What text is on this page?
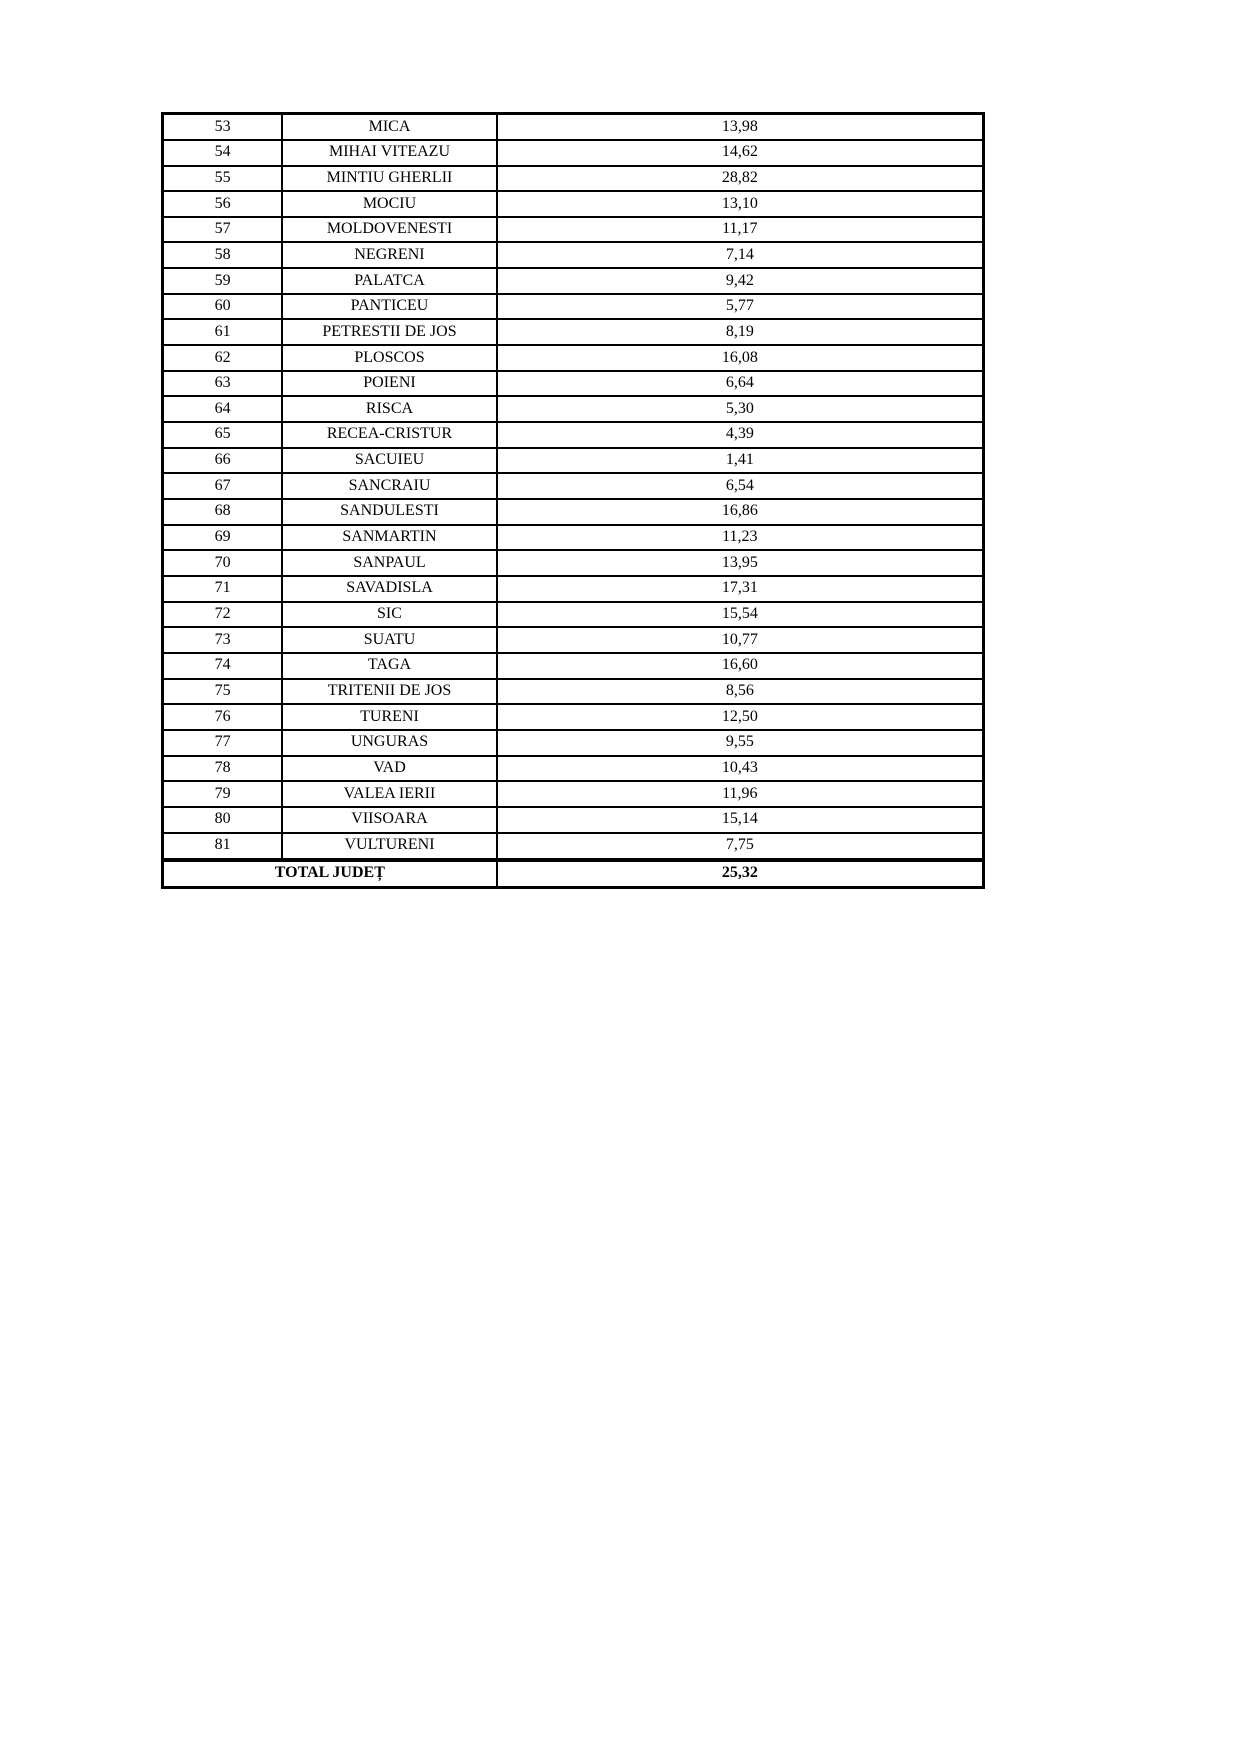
53	MICA	13,98
54	MIHAI VITEAZU	14,62
55	MINTIU GHERLII	28,82
56	MOCIU	13,10
57	MOLDOVENESTI	11,17
58	NEGRENI	7,14
59	PALATCA	9,42
60	PANTICEU	5,77
61	PETRESTII DE JOS	8,19
62	PLOSCOS	16,08
63	POIENI	6,64
64	RISCA	5,30
65	RECEA-CRISTUR	4,39
66	SACUIEU	1,41
67	SANCRAIU	6,54
68	SANDULESTI	16,86
69	SANMARTIN	11,23
70	SANPAUL	13,95
71	SAVADISLA	17,31
72	SIC	15,54
73	SUATU	10,77
74	TAGA	16,60
75	TRITENII DE JOS	8,56
76	TURENI	12,50
77	UNGURAS	9,55
78	VAD	10,43
79	VALEA IERII	11,96
80	VIISOARA	15,14
81	VULTURENI	7,75
TOTAL JUDEȚ		25,32
